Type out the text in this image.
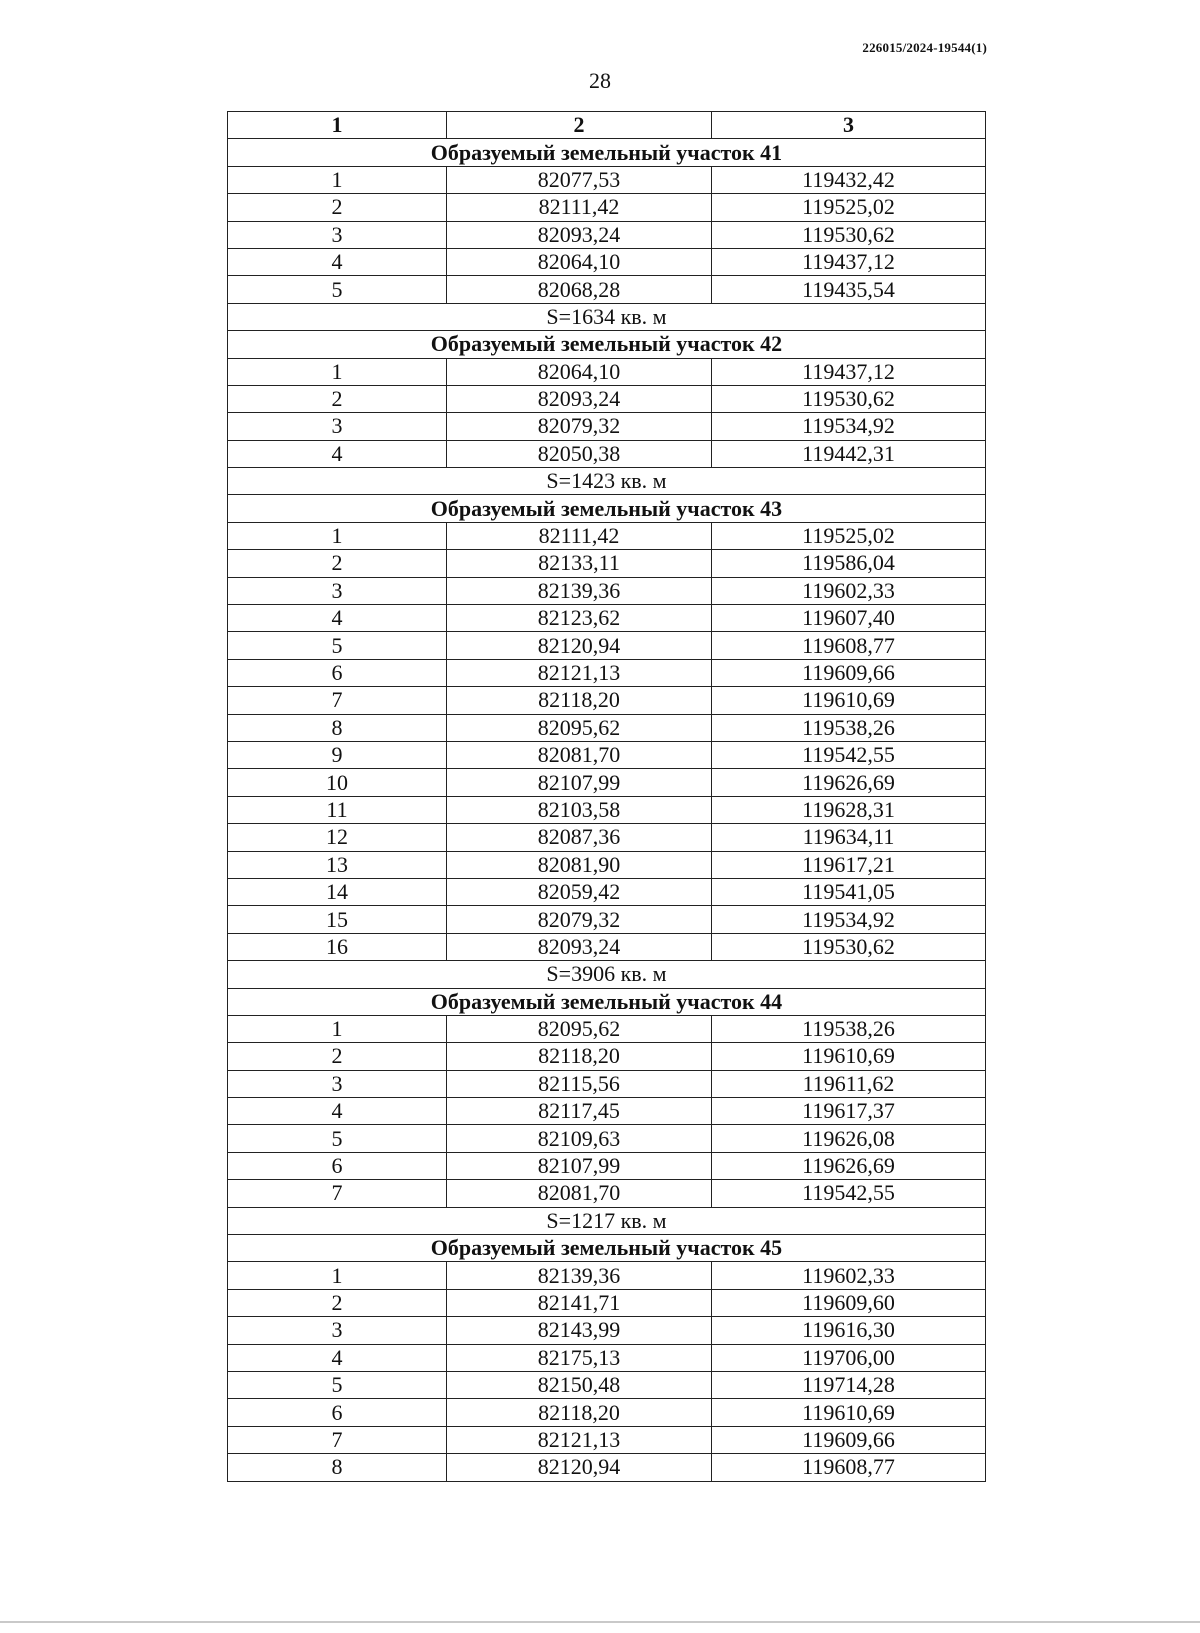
226015/2024-19544(1)
28
1	2	3
Образуемый земельный участок 41		
1	82077,53	119432,42
2	82111,42	119525,02
3	82093,24	119530,62
4	82064,10	119437,12
5	82068,28	119435,54
S=1634 кв. м		
Образуемый земельный участок 42		
1	82064,10	119437,12
2	82093,24	119530,62
3	82079,32	119534,92
4	82050,38	119442,31
S=1423 кв. м		
Образуемый земельный участок 43		
1	82111,42	119525,02
2	82133,11	119586,04
3	82139,36	119602,33
4	82123,62	119607,40
5	82120,94	119608,77
6	82121,13	119609,66
7	82118,20	119610,69
8	82095,62	119538,26
9	82081,70	119542,55
10	82107,99	119626,69
11	82103,58	119628,31
12	82087,36	119634,11
13	82081,90	119617,21
14	82059,42	119541,05
15	82079,32	119534,92
16	82093,24	119530,62
S=3906 кв. м		
Образуемый земельный участок 44		
1	82095,62	119538,26
2	82118,20	119610,69
3	82115,56	119611,62
4	82117,45	119617,37
5	82109,63	119626,08
6	82107,99	119626,69
7	82081,70	119542,55
S=1217 кв. м		
Образуемый земельный участок 45		
1	82139,36	119602,33
2	82141,71	119609,60
3	82143,99	119616,30
4	82175,13	119706,00
5	82150,48	119714,28
6	82118,20	119610,69
7	82121,13	119609,66
8	82120,94	119608,77
